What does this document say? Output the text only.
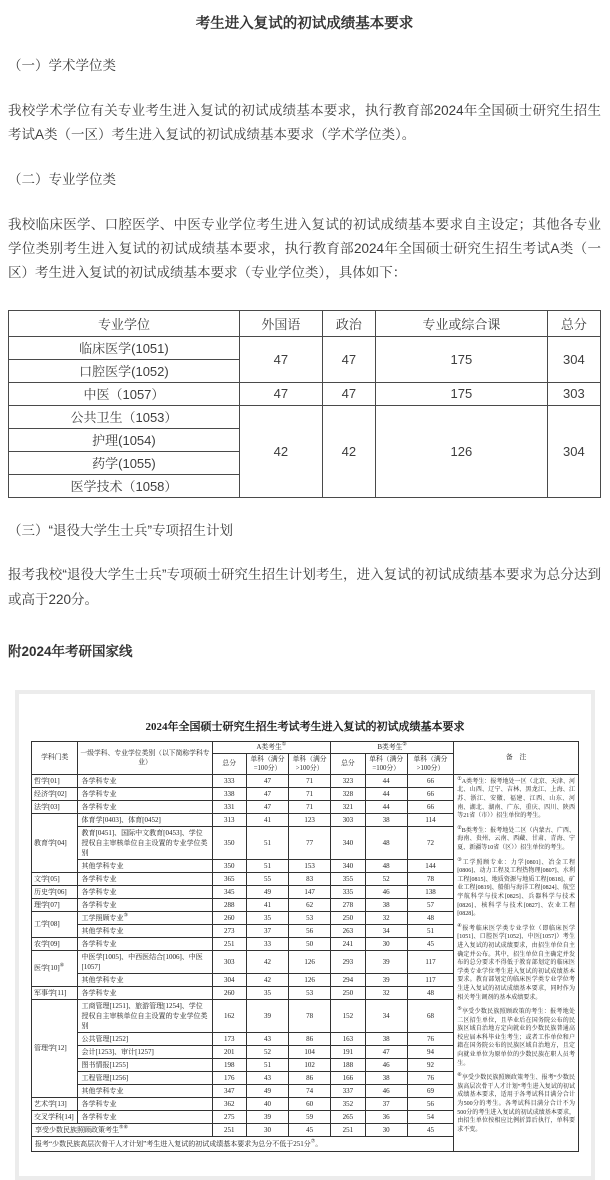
考生进入复试的初试成绩基本要求

（一）学术学位类

我校学术学位有关专业考生进入复试的初试成绩基本要求，执行教育部2024年全国硕士研究生招生考试A类（一区）考生进入复试的初试成绩基本要求（学术学位类）。

（二）专业学位类

我校临床医学、口腔医学、中医专业学位考生进入复试的初试成绩基本要求自主设定；其他各专业学位类别考生进入复试的初试成绩基本要求，执行教育部2024年全国硕士研究生招生考试A类（一区）考生进入复试的初试成绩基本要求（专业学位类），具体如下：

专业学位	外国语	政治	专业或综合课	总分
临床医学(1051)	47	47	175	304
口腔医学(1052)				
中医（1057）	47	47	175	303
公共卫生（1053）	42	42	126	304
护理(1054)				
药学(1055)				
医学技术（1058）				

（三）“退役大学生士兵”专项招生计划

报考我校“退役大学生士兵”专项硕士研究生招生计划考生，进入复试的初试成绩基本要求为总分达到或高于220分。

附2024年考研国家线

2024年全国硕士研究生招生考试考生进入复试的初试成绩基本要求
学科门类	一级学科、专业学位类别（以下简称学科专业）	A类考生①			B类考生②			备　注
		总分	单科（满分=100分）	单科（满分>100分）	总分	单科（满分=100分）	单科（满分>100分）	
哲学[01]	各学科专业	333	47	71	323	44	66	①A类考生：报考地处一区（北京、天津、河北、山西、辽宁、吉林、黑龙江、上海、江苏、浙江、安徽、福建、江西、山东、河南、湖北、湖南、广东、重庆、四川、陕西等21省（市））招生单位的考生。
②B类考生：报考地处二区（内蒙古、广西、海南、贵州、云南、西藏、甘肃、青海、宁夏、新疆等10省（区））招生单位的考生。
③工学照顾专业：力学[0801]、冶金工程[0806]、动力工程及工程热物理[0807]、水利工程[0815]、地质资源与地质工程[0818]、矿业工程[0819]、船舶与海洋工程[0824]、航空宇航科学与技术[0825]、兵器科学与技术[0826]、核科学与技术[0827]、农业工程[0828]。
④报考临床医学类专业学位（即临床医学[1051]、口腔医学[1052]、中医[1057]）考生进入复试的初试成绩要求，由招生单位自主确定并公布。其中，招生单位自主确定并发布的总分要求不得低于教育部划定的临床医学类专业学位考生进入复试的初试成绩基本要求。教育部划定的临床医学类专业学位考生进入复试的初试成绩基本要求，同时作为相关考生调剂的基本成绩要求。
⑤享受少数民族照顾政策的考生：报考地处二区招生单位，且毕业后在国务院公布的民族区域自治地方定向就业的少数民族普通高校应届本科毕业生考生；或者工作单位和户籍在国务院公布的民族区域自治地方，且定向就业单位为原单位的少数民族在职人员考生。
⑥享受少数民族照顾政策考生、报考“少数民族高层次骨干人才计划”考生进入复试的初试成绩基本要求，适用于各考试科目满分合计为500分的考生。各考试科目满分合计不为500分的考生进入复试的初试成绩基本要求，由招生单位按相应比例折算后执行，单科要求不变。

经济学[02]	各学科专业	338	47	71	328	44	66	
法学[03]	各学科专业	331	47	71	321	44	66	
教育学[04]	体育学[0403]、体育[0452]	313	41	123	303	38	114	
	教育[0451]、国际中文教育[0453]、学位授权自主审核单位自主设置的专业学位类别	350	51	77	340	48	72	
	其他学科专业	350	51	153	340	48	144	
文学[05]	各学科专业	365	55	83	355	52	78	
历史学[06]	各学科专业	345	49	147	335	46	138	
理学[07]	各学科专业	288	41	62	278	38	57	
工学[08]	工学照顾专业③	260	35	53	250	32	48	
	其他学科专业	273	37	56	263	34	51	
农学[09]	各学科专业	251	33	50	241	30	45	
医学[10]④	中医学[1005]、中西医结合[1006]、中医[1057]	303	42	126	293	39	117	
	其他学科专业	304	42	126	294	39	117	
军事学[11]	各学科专业	260	35	53	250	32	48	
管理学[12]	工商管理[1251]、旅游管理[1254]、学位授权自主审核单位自主设置的专业学位类别	162	39	78	152	34	68	
	公共管理[1252]	173	43	86	163	38	76	
	会计[1253]、审计[1257]	201	52	104	191	47	94	
	图书情报[1255]	198	51	102	188	46	92	
	工程管理[1256]	176	43	86	166	38	76	
	其他学科专业	347	49	74	337	46	69	
艺术学[13]	各学科专业	362	40	60	352	37	56	
交叉学科[14]	各学科专业	275	39	59	265	36	54	
享受少数民族照顾政策考生⑤⑥		251	30	45	251	30	45	
报考“少数民族高层次骨干人才计划”考生进入复试的初试成绩基本要求为总分不低于251分⑦。								
